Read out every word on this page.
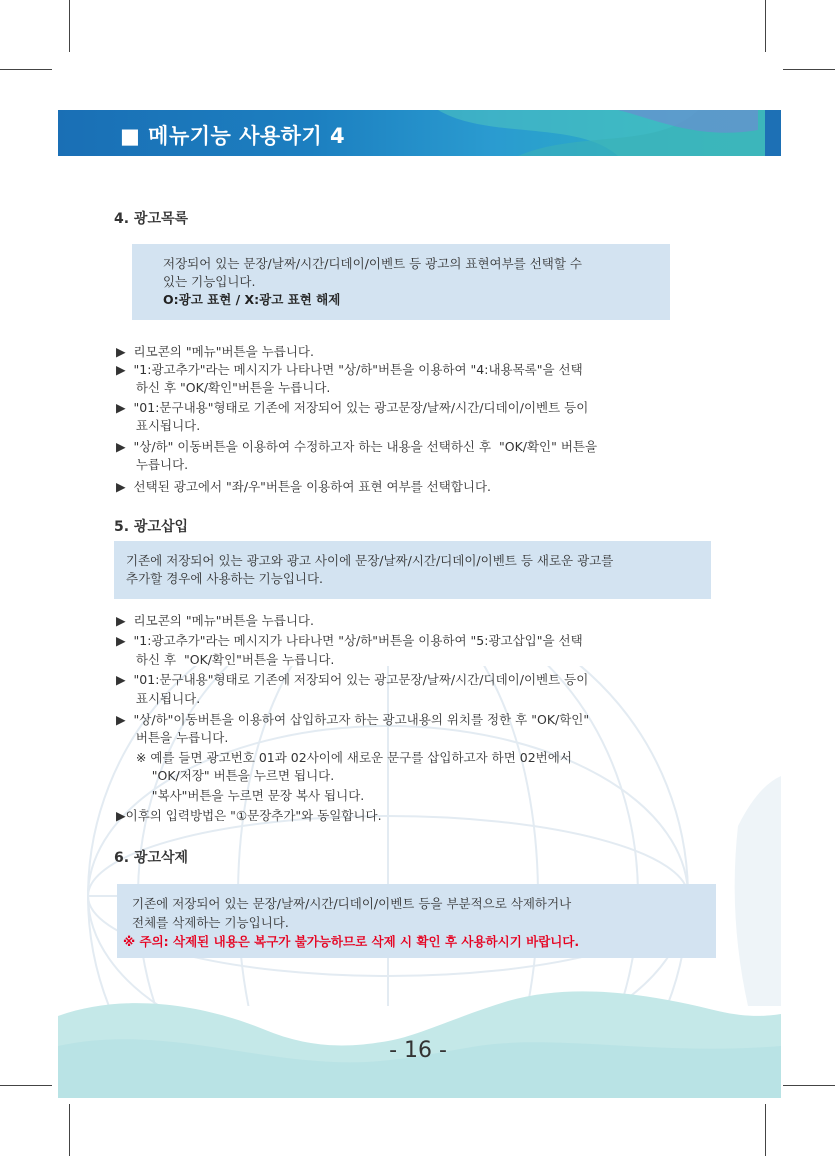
■ 메뉴기능 사용하기 4
4. 광고목록
저장되어 있는 문장/날짜/시간/디데이/이벤트 등 광고의 표현여부를 선택할 수
있는 기능입니다.
O:광고 표현 / X:광고 표현 해제
▶  리모콘의 "메뉴"버튼을 누릅니다.
▶  "1:광고추가"라는 메시지가 나타나면 "상/하"버튼을 이용하여 "4:내용목록"을 선택
하신 후 "OK/확인"버튼을 누릅니다.
▶  "01:문구내용"형태로 기존에 저장되어 있는 광고문장/날짜/시간/디데이/이벤트 등이
표시됩니다.
▶  "상/하" 이동버튼을 이용하여 수정하고자 하는 내용을 선택하신 후  "OK/확인" 버튼을
누릅니다.
▶  선택된 광고에서 "좌/우"버튼을 이용하여 표현 여부를 선택합니다.
5. 광고삽입
기존에 저장되어 있는 광고와 광고 사이에 문장/날짜/시간/디데이/이벤트 등 새로운 광고를
추가할 경우에 사용하는 기능입니다.
▶  리모콘의 "메뉴"버튼을 누릅니다.
▶  "1:광고추가"라는 메시지가 나타나면 "상/하"버튼을 이용하여 "5:광고삽입"을 선택
하신 후  "OK/확인"버튼을 누릅니다.
▶  "01:문구내용"형태로 기존에 저장되어 있는 광고문장/날짜/시간/디데이/이벤트 등이
표시됩니다.
▶  "상/하"이동버튼을 이용하여 삽입하고자 하는 광고내용의 위치를 정한 후 "OK/학인"
버튼을 누릅니다.
※ 예를 들면 광고번호 01과 02사이에 새로운 문구를 삽입하고자 하면 02번에서
"OK/저장" 버튼을 누르면 됩니다.
"복사"버튼을 누르면 문장 복사 됩니다.
▶이후의 입력방법은 "①문장추가"와 동일합니다.
6. 광고삭제
기존에 저장되어 있는 문장/날짜/시간/디데이/이벤트 등을 부분적으로 삭제하거나
전체를 삭제하는 기능입니다.
※ 주의: 삭제된 내용은 복구가 불가능하므로 삭제 시 확인 후 사용하시기 바랍니다.
- 16 -
